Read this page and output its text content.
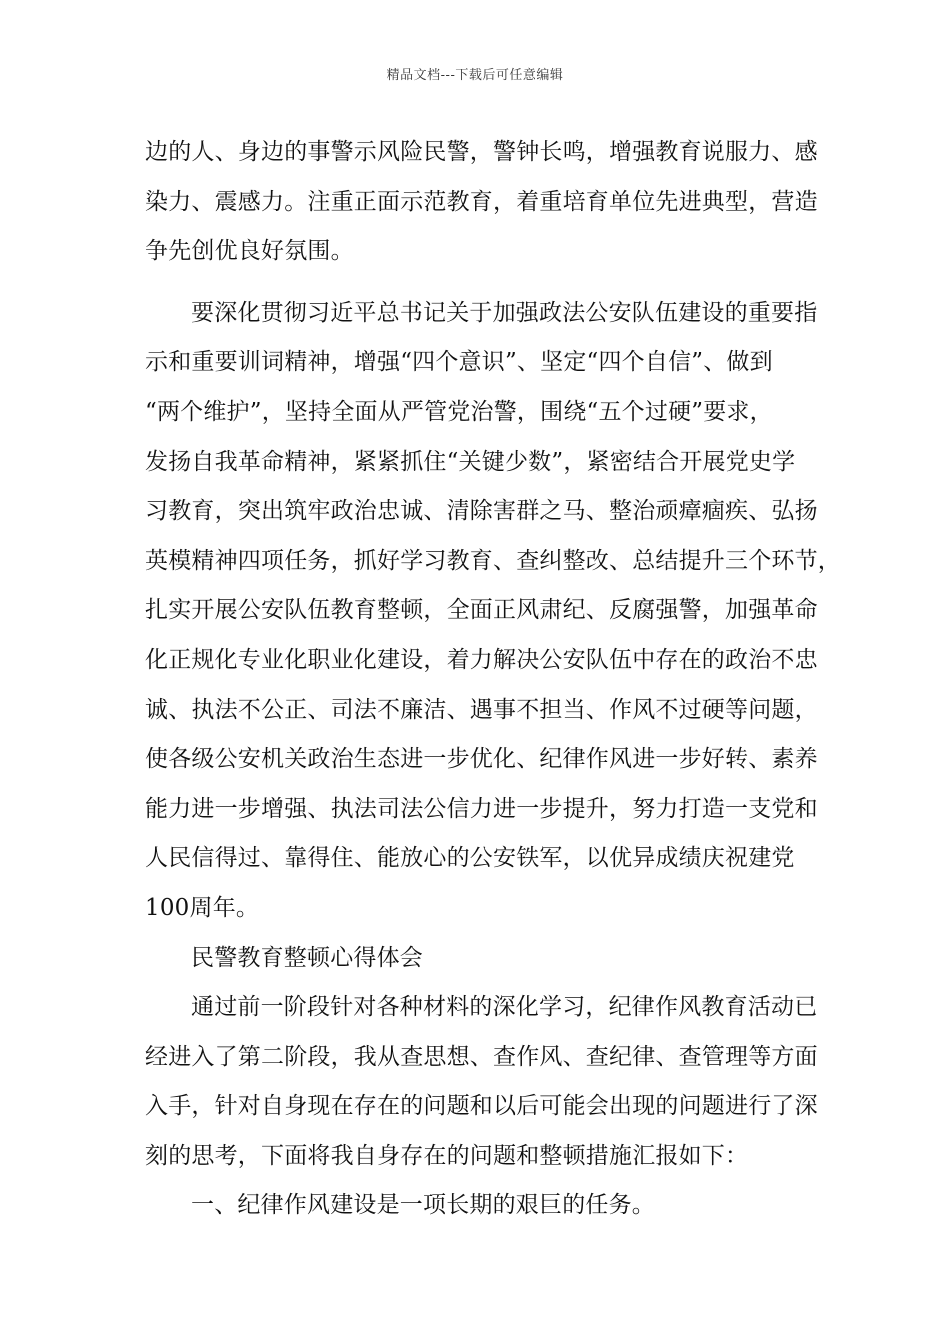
精品文档---下载后可任意编辑
边的人、身边的事警示风险民警，警钟长鸣，增强教育说服力、感
染力、震感力。注重正面示范教育，着重培育单位先进典型，营造
争先创优良好氛围。
要深化贯彻习近平总书记关于加强政法公安队伍建设的重要指
示和重要训词精神，增强“四个意识”、坚定“四个自信”、做到
“两个维护”，坚持全面从严管党治警，围绕“五个过硬”要求，
发扬自我革命精神，紧紧抓住“关键少数”，紧密结合开展党史学
习教育，突出筑牢政治忠诚、清除害群之马、整治顽瘴痼疾、弘扬
英模精神四项任务，抓好学习教育、查纠整改、总结提升三个环节，
扎实开展公安队伍教育整顿，全面正风肃纪、反腐强警，加强革命
化正规化专业化职业化建设，着力解决公安队伍中存在的政治不忠
诚、执法不公正、司法不廉洁、遇事不担当、作风不过硬等问题，
使各级公安机关政治生态进一步优化、纪律作风进一步好转、素养
能力进一步增强、执法司法公信力进一步提升，努力打造一支党和
人民信得过、靠得住、能放心的公安铁军，以优异成绩庆祝建党
100周年。
民警教育整顿心得体会
通过前一阶段针对各种材料的深化学习，纪律作风教育活动已
经进入了第二阶段，我从查思想、查作风、查纪律、查管理等方面
入手，针对自身现在存在的问题和以后可能会出现的问题进行了深
刻的思考，下面将我自身存在的问题和整顿措施汇报如下：
一、纪律作风建设是一项长期的艰巨的任务。
